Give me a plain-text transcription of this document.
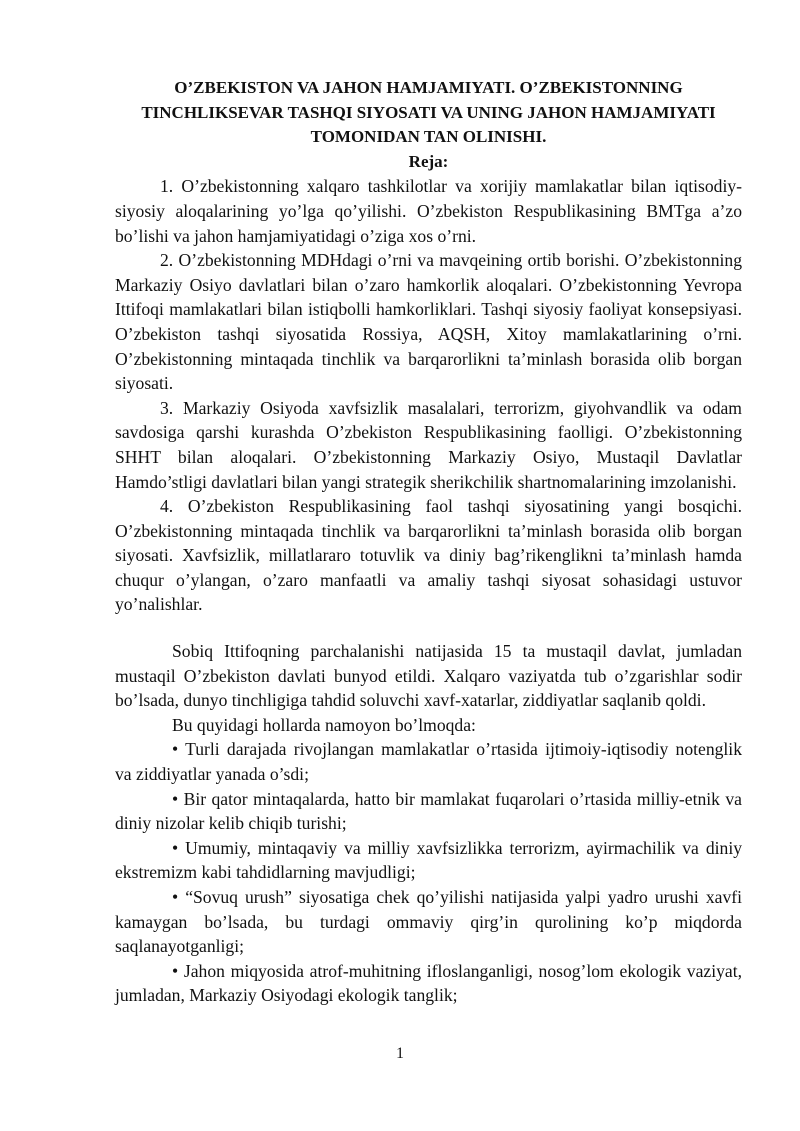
O’ZBEKISTON VA JAHON HAMJAMIYATI. O’ZBEKISTONNING TINCHLIKSEVAR TASHQI SIYOSATI VA UNING JAHON HAMJAMIYATI TOMONIDAN TAN OLINISHI.
Reja:

1. O’zbekistonning xalqaro tashkilotlar va xorijiy mamlakatlar bilan iqtisodiy-siyosiy aloqalarining yo’lga qo’yilishi. O’zbekiston Respublikasining BMTga a’zo bo’lishi va jahon hamjamiyatidagi o’ziga xos o’rni.

2. O’zbekistonning MDHdagi o’rni va mavqeining ortib borishi. O’zbekistonning Markaziy Osiyo davlatlari bilan o’zaro hamkorlik aloqalari. O’zbekistonning Yevropa Ittifoqi mamlakatlari bilan istiqbolli hamkorliklari. Tashqi siyosiy faoliyat konsepsiyasi. O’zbekiston tashqi siyosatida Rossiya, AQSH, Xitoy mamlakatlarining o’rni. O’zbekistonning mintaqada tinchlik va barqarorlikni ta’minlash borasida olib borgan siyosati.

3. Markaziy Osiyoda xavfsizlik masalalari, terrorizm, giyohvandlik va odam savdosiga qarshi kurashda O’zbekiston Respublikasining faolligi. O’zbekistonning SHHT bilan aloqalari. O’zbekistonning Markaziy Osiyo, Mustaqil Davlatlar Hamdo’stligi davlatlari bilan yangi strategik sherikchilik shartnomalarining imzolanishi.

4. O’zbekiston Respublikasining faol tashqi siyosatining yangi bosqichi. O’zbekistonning mintaqada tinchlik va barqarorlikni ta’minlash borasida olib borgan siyosati. Xavfsizlik, millatlararo totuvlik va diniy bag’rikenglikni ta’minlash hamda chuqur o’ylangan, o’zaro manfaatli va amaliy tashqi siyosat sohasidagi ustuvor yo’nalishlar.

Sobiq Ittifoqning parchalanishi natijasida 15 ta mustaqil davlat, jumladan mustaqil O’zbekiston davlati bunyod etildi. Xalqaro vaziyatda tub o’zgarishlar sodir bo’lsada, dunyo tinchligiga tahdid soluvchi xavf-xatarlar, ziddiyatlar saqlanib qoldi.

Bu quyidagi hollarda namoyon bo’lmoqda:

• Turli darajada rivojlangan mamlakatlar o’rtasida ijtimoiy-iqtisodiy notenglik va ziddiyatlar yanada o’sdi;

• Bir qator mintaqalarda, hatto bir mamlakat fuqarolari o’rtasida milliy-etnik va diniy nizolar kelib chiqib turishi;

• Umumiy, mintaqaviy va milliy xavfsizlikka terrorizm, ayirmachilik va diniy ekstremizm kabi tahdidlarning mavjudligi;

• “Sovuq urush” siyosatiga chek qo’yilishi natijasida yalpi yadro urushi xavfi kamaygan bo’lsada, bu turdagi ommaviy qirg’in qurolining ko’p miqdorda saqlanayotganligi;

• Jahon miqyosida atrof-muhitning ifloslanganligi, nosog’lom ekologik vaziyat, jumladan, Markaziy Osiyodagi ekologik tanglik;

1
